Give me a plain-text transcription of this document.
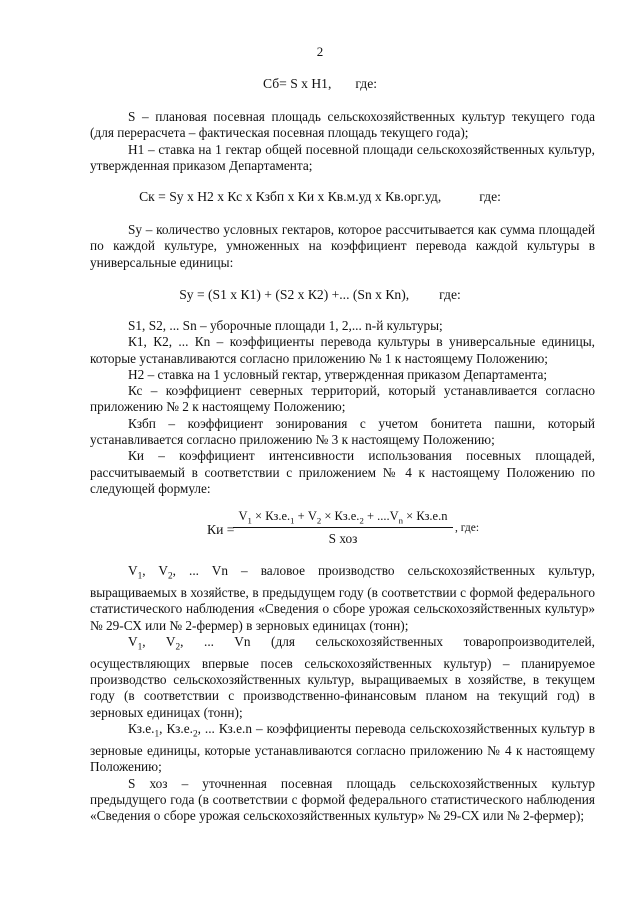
2
Сб= S х Н1, где:

S – плановая посевная площадь сельскохозяйственных культур текущего года (для перерасчета – фактическая посевная площадь текущего года);

Н1 – ставка на 1 гектар общей посевной площади сельскохозяйственных культур, утвержденная приказом Департамента;

Ск = Sу х Н2 х Кс х Кзбп х Ки х Кв.м.уд х Кв.орг.уд,	где:

Sу – количество условных гектаров, которое рассчитывается как сумма площадей по каждой культуре, умноженных на коэффициент перевода каждой культуры в универсальные единицы:

Sу = (S1 х К1) + (S2 х К2) +... (Sn х Кn), где:

S1, S2, ... Sn – уборочные площади 1, 2,... n-й культуры;

К1, К2, ... Кn – коэффициенты перевода культуры в универсальные единицы, которые устанавливаются согласно приложению № 1 к настоящему Положению;

Н2 – ставка на 1 условный гектар, утвержденная приказом Департамента;

Кс – коэффициент северных территорий, который устанавливается согласно приложению № 2 к настоящему Положению;

Кзбп – коэффициент зонирования с учетом бонитета пашни, который устанавливается согласно приложению № 3 к настоящему Положению;

Ки – коэффициент интенсивности использования посевных площадей, рассчитываемый в соответствии с приложением № 4 к настоящему Положению по следующей формуле:

Ки =
$V_1 \times Кз.е._1 + V_2 \times Кз.е._2 + ....V_n \times Кз.е.n$
S хоз
, где:

$V_1$, $V_2$, ... Vn – валовое производство сельскохозяйственных культур, выращиваемых в хозяйстве, в предыдущем году (в соответствии с формой федерального статистического наблюдения «Сведения о сборе урожая сельскохозяйственных культур» № 29-СХ или № 2-фермер) в зерновых единицах (тонн);

$V_1$, $V_2$, ... Vn (для сельскохозяйственных товаропроизводителей, осуществляющих впервые посев сельскохозяйственных культур) – планируемое производство сельскохозяйственных культур, выращиваемых в хозяйстве, в текущем году (в соответствии с производственно-финансовым планом на текущий год) в зерновых единицах (тонн);

$Кз.е._1$, $Кз.е._2$, ... Кз.е.n – коэффициенты перевода сельскохозяйственных культур в зерновые единицы, которые устанавливаются согласно приложению № 4 к настоящему Положению;

S хоз – уточненная посевная площадь сельскохозяйственных культур предыдущего года (в соответствии с формой федерального статистического наблюдения «Сведения о сборе урожая сельскохозяйственных культур» № 29-СХ или № 2-фермер);
